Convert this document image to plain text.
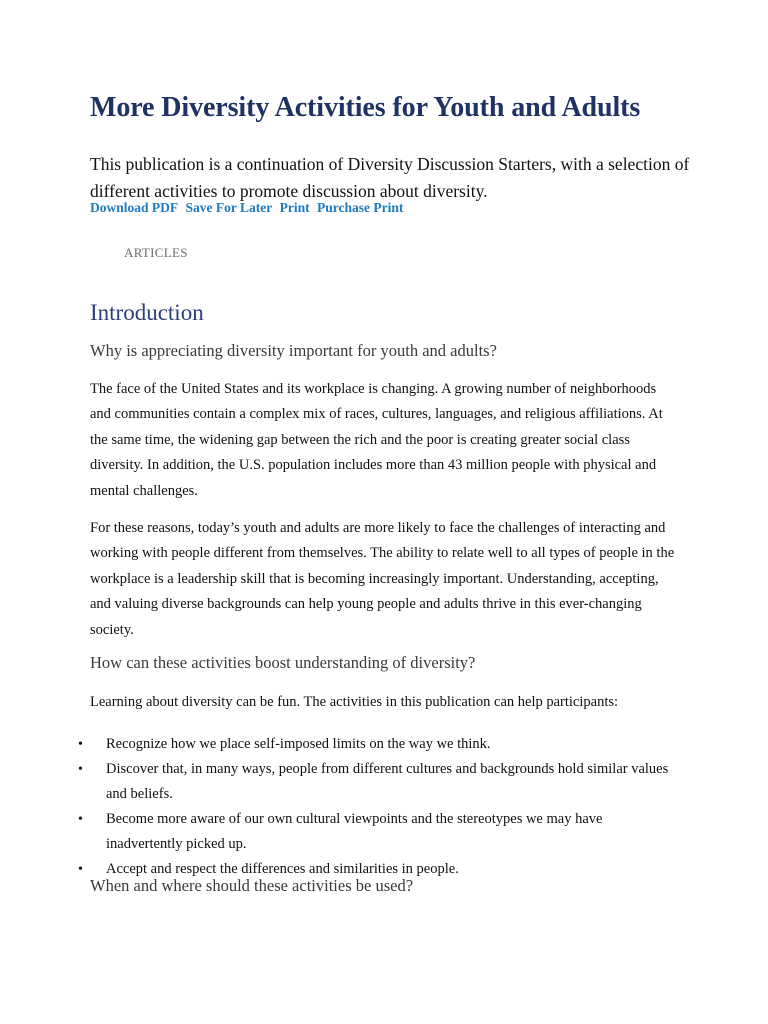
More Diversity Activities for Youth and Adults

This publication is a continuation of Diversity Discussion Starters, with a selection of different activities to promote discussion about diversity.

Download PDF Save For Later Print Purchase Print
ARTICLES
Introduction
Why is appreciating diversity important for youth and adults?

The face of the United States and its workplace is changing. A growing number of neighborhoods and communities contain a complex mix of races, cultures, languages, and religious affiliations. At the same time, the widening gap between the rich and the poor is creating greater social class diversity. In addition, the U.S. population includes more than 43 million people with physical and mental challenges.

For these reasons, today’s youth and adults are more likely to face the challenges of interacting and working with people different from themselves. The ability to relate well to all types of people in the workplace is a leadership skill that is becoming increasingly important. Understanding, accepting, and valuing diverse backgrounds can help young people and adults thrive in this ever-changing society.

How can these activities boost understanding of diversity?

Learning about diversity can be fun. The activities in this publication can help participants:

• Recognize how we place self-imposed limits on the way we think.
• Discover that, in many ways, people from different cultures and backgrounds hold similar values and beliefs.
• Become more aware of our own cultural viewpoints and the stereotypes we may have inadvertently picked up.
• Accept and respect the differences and similarities in people.
When and where should these activities be used?
